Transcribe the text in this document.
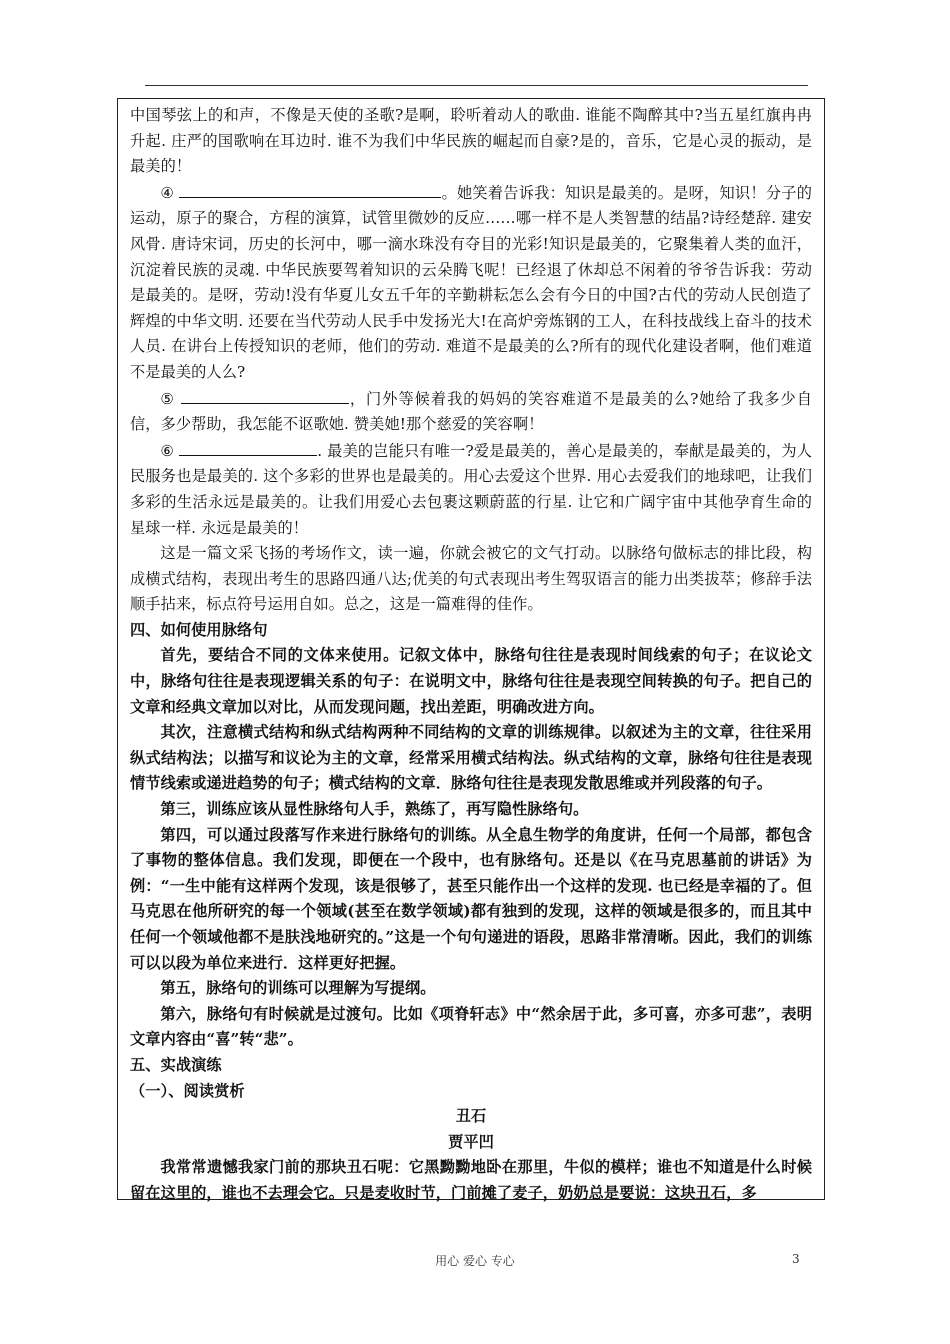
中国琴弦上的和声，不像是天使的圣歌?是啊，聆听着动人的歌曲. 谁能不陶醉其中?当五星红旗冉冉升起. 庄严的国歌响在耳边时. 谁不为我们中华民族的崛起而自豪?是的，音乐，它是心灵的振动，是最美的！

④	。她笑着告诉我：知识是最美的。是呀，知识！分子的运动，原子的聚合，方程的演算，试管里微妙的反应……哪一样不是人类智慧的结晶?诗经楚辞. 建安风骨. 唐诗宋词，历史的长河中，哪一滴水珠没有夺目的光彩!知识是最美的，它聚集着人类的血汗，沉淀着民族的灵魂. 中华民族要驾着知识的云朵腾飞呢！已经退了休却总不闲着的爷爷告诉我：劳动是最美的。是呀，劳动!没有华夏儿女五千年的辛勤耕耘怎么会有今日的中国?古代的劳动人民创造了辉煌的中华文明. 还要在当代劳动人民手中发扬光大!在高炉旁炼钢的工人，在科技战线上奋斗的技术人员. 在讲台上传授知识的老师，他们的劳动. 难道不是最美的么?所有的现代化建设者啊，他们难道不是最美的人么?

⑤	，门外等候着我的妈妈的笑容难道不是最美的么?她给了我多少自信，多少帮助，我怎能不讴歌她. 赞美她!那个慈爱的笑容啊！

⑥	. 最美的岂能只有唯一?爱是最美的，善心是最美的，奉献是最美的，为人民服务也是最美的. 这个多彩的世界也是最美的。用心去爱这个世界. 用心去爱我们的地球吧，让我们多彩的生活永远是最美的。让我们用爱心去包裹这颗蔚蓝的行星. 让它和广阔宇宙中其他孕育生命的星球一样. 永远是最美的！

这是一篇文采飞扬的考场作文，读一遍，你就会被它的文气打动。以脉络句做标志的排比段，构成横式结构，表现出考生的思路四通八达;优美的句式表现出考生驾驭语言的能力出类拔萃；修辞手法顺手拈来，标点符号运用自如。总之，这是一篇难得的佳作。

四、如何使用脉络句

首先，要结合不同的文体来使用。记叙文体中，脉络句往往是表现时间线索的句子；在议论文中，脉络句往往是表现逻辑关系的句子：在说明文中，脉络句往往是表现空间转换的句子。把自己的文章和经典文章加以对比，从而发现问题，找出差距，明确改进方向。

其次，注意横式结构和纵式结构两种不同结构的文章的训练规律。以叙述为主的文章，往往采用纵式结构法；以描写和议论为主的文章，经常采用横式结构法。纵式结构的文章，脉络句往往是表现情节线索或递进趋势的句子；横式结构的文章．脉络句往往是表现发散思维或并列段落的句子。

第三，训练应该从显性脉络句人手，熟练了，再写隐性脉络句。

第四，可以通过段落写作来进行脉络句的训练。从全息生物学的角度讲，任何一个局部，都包含了事物的整体信息。我们发现，即便在一个段中，也有脉络句。还是以《在马克思墓前的讲话》为例：“一生中能有这样两个发现，该是很够了，甚至只能作出一个这样的发现. 也已经是幸福的了。但马克思在他所研究的每一个领域(甚至在数学领域)都有独到的发现，这样的领域是很多的，而且其中任何一个领域他都不是肤浅地研究的。”这是一个句句递进的语段，思路非常清晰。因此，我们的训练可以以段为单位来进行．这样更好把握。

第五，脉络句的训练可以理解为写提纲。

第六，脉络句有时候就是过渡句。比如《项脊轩志》中“然余居于此，多可喜，亦多可悲”，表明文章内容由“喜”转“悲”。

五、实战演练

（一）、阅读赏析

丑石

贾平凹

我常常遗憾我家门前的那块丑石呢：它黑黝黝地卧在那里，牛似的模样；谁也不知道是什么时候留在这里的，谁也不去理会它。只是麦收时节，门前摊了麦子，奶奶总是要说：这块丑石，多

用心 爱心 专心	3
